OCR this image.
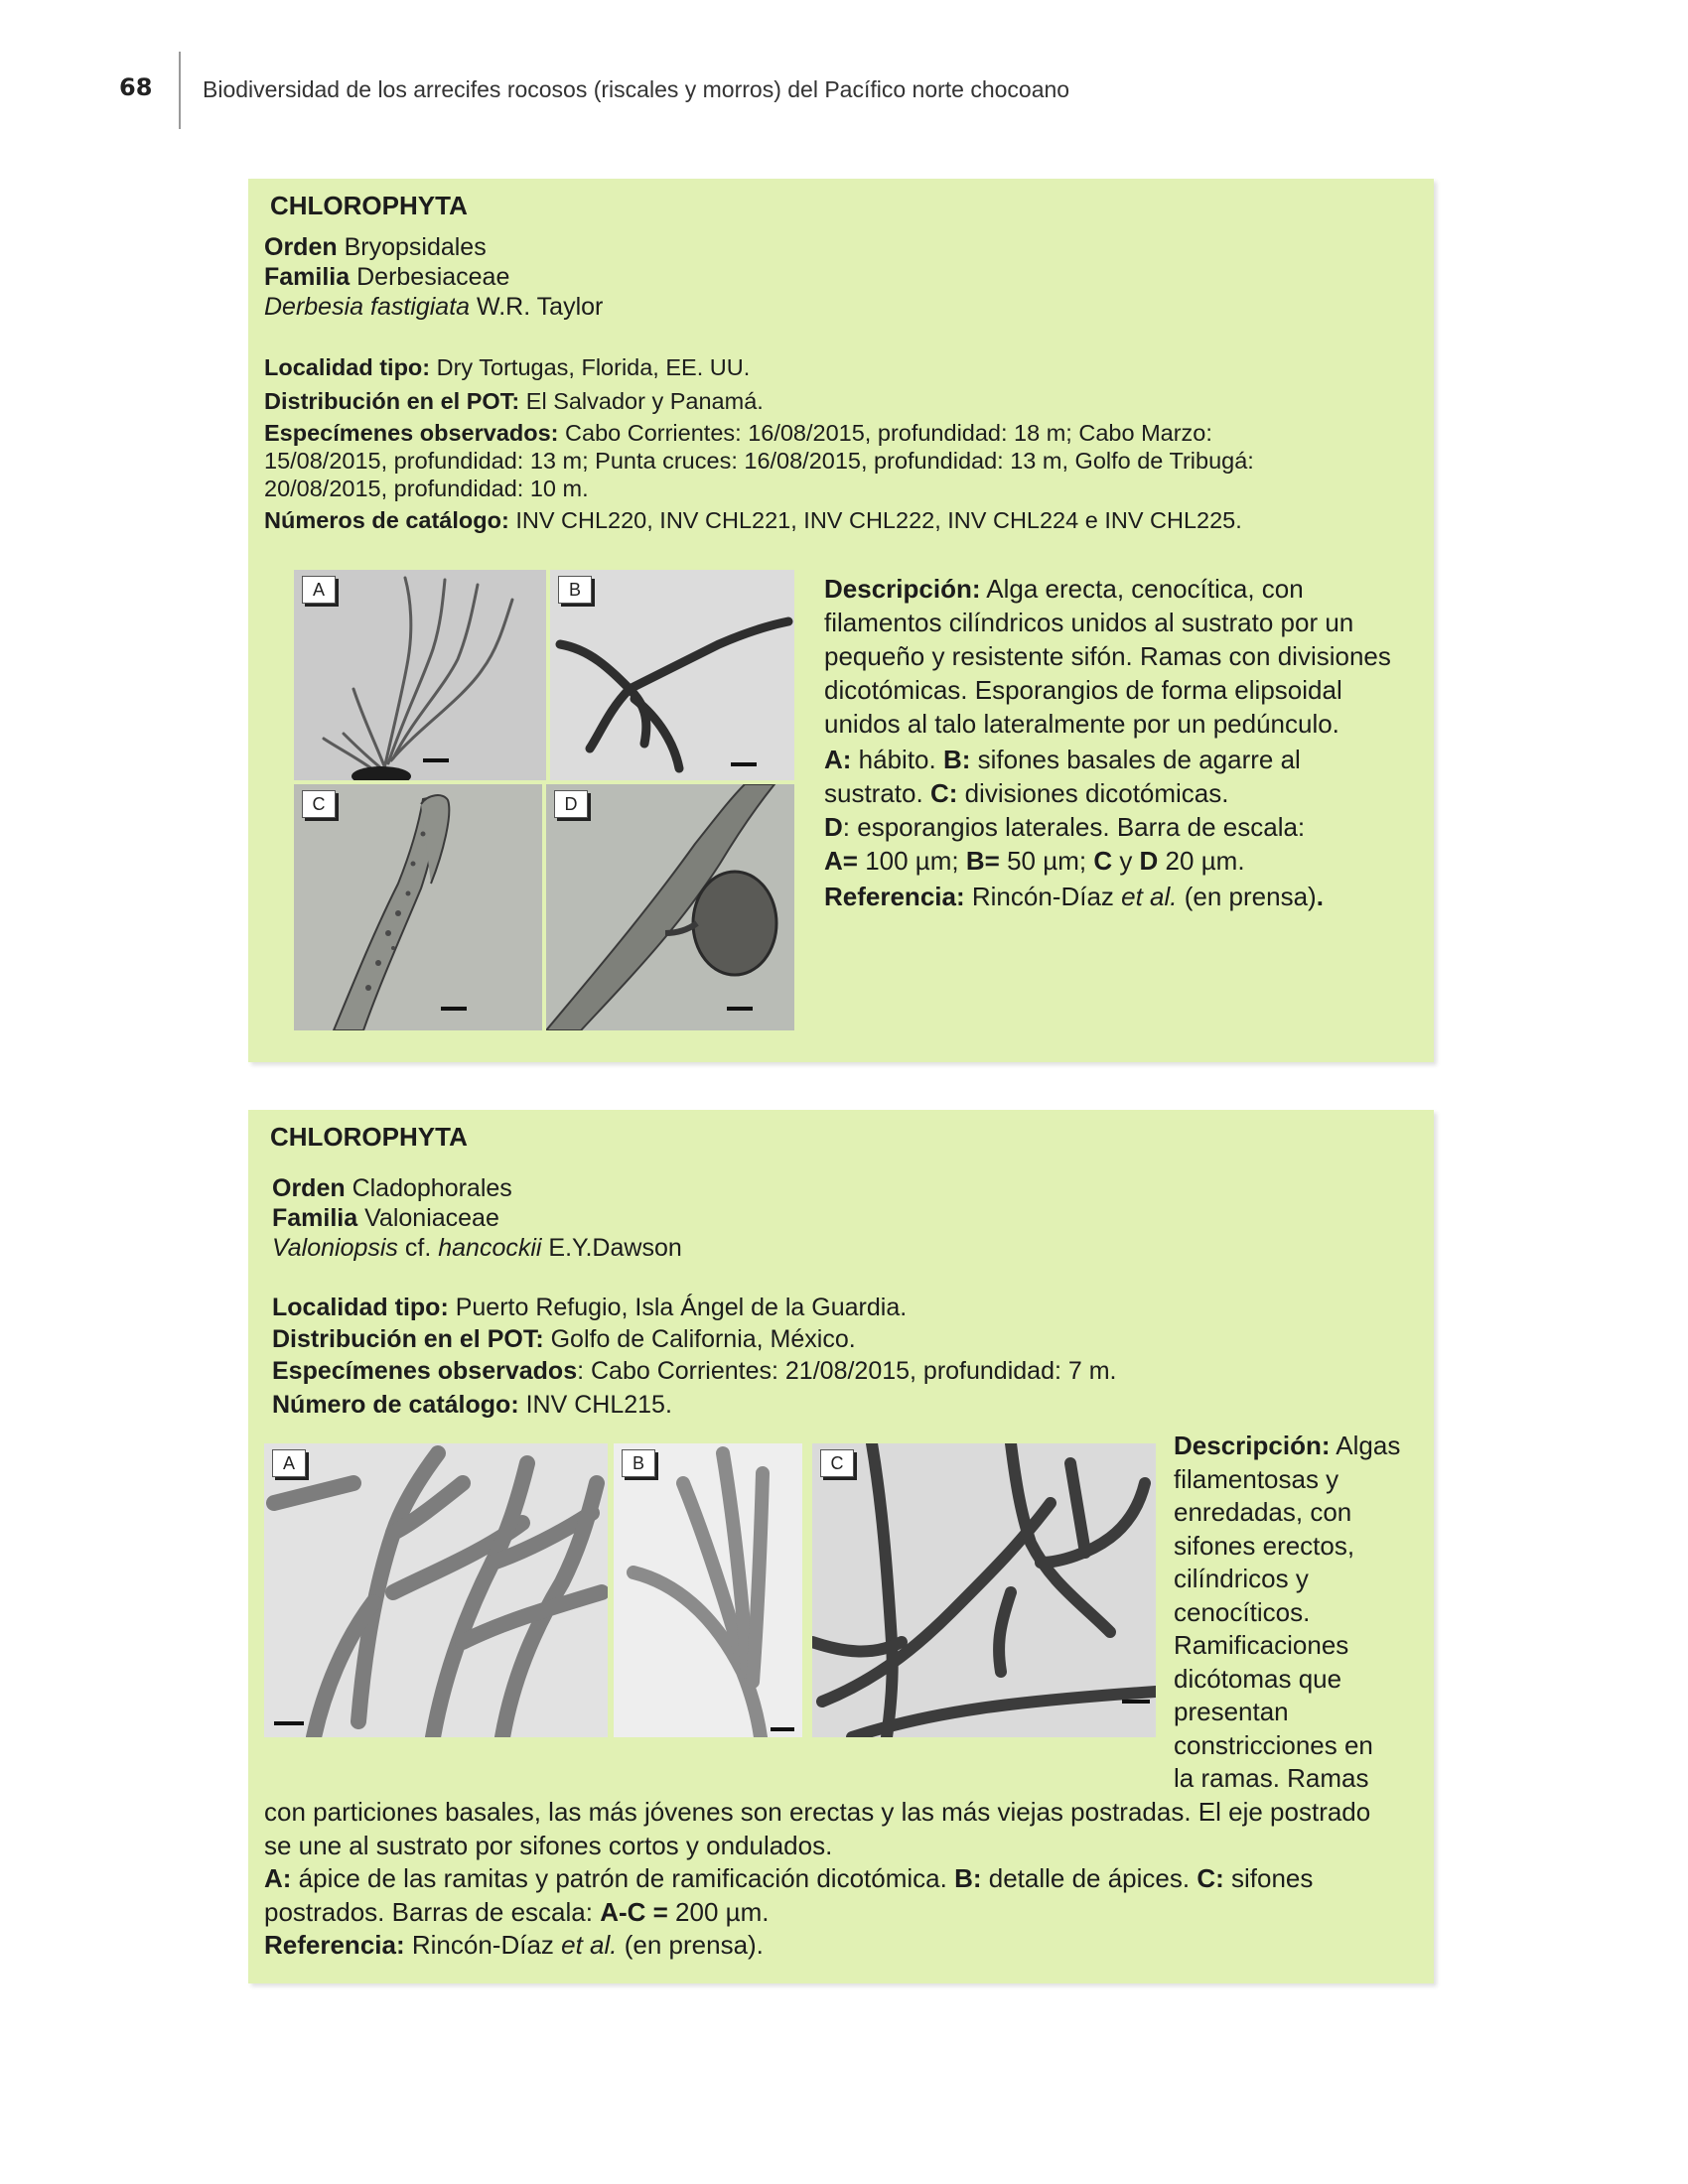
68 Biodiversidad de los arrecifes rocosos (riscales y morros) del Pacífico norte chocoano
CHLOROPHYTA
Orden Bryopsidales
Familia Derbesiaceae
Derbesia fastigiata W.R. Taylor
Localidad tipo: Dry Tortugas, Florida, EE. UU.
Distribución en el POT: El Salvador y Panamá.
Especímenes observados: Cabo Corrientes: 16/08/2015, profundidad: 18 m; Cabo Marzo:
15/08/2015, profundidad: 13 m; Punta cruces: 16/08/2015, profundidad: 13 m, Golfo de Tribugá:
20/08/2015, profundidad: 10 m.
Números de catálogo: INV CHL220, INV CHL221, INV CHL222, INV CHL224 e INV CHL225.
A	B
C	D

Descripción: Alga erecta, cenocítica, con filamentos cilíndricos unidos al sustrato por un pequeño y resistente sifón. Ramas con divisiones dicotómicas. Esporangios de forma elipsoidal unidos al talo lateralmente por un pedúnculo.

A: hábito. B: sifones basales de agarre al sustrato. C: divisiones dicotómicas.
D: esporangios laterales. Barra de escala:
A= 100 µm; B= 50 µm; C y D 20 µm.

Referencia: Rincón-Díaz et al. (en prensa).

CHLOROPHYTA
Orden Cladophorales
Familia Valoniaceae
Valoniopsis cf. hancockii E.Y.Dawson
Localidad tipo: Puerto Refugio, Isla Ángel de la Guardia.
Distribución en el POT: Golfo de California, México.
Especímenes observados: Cabo Corrientes: 21/08/2015, profundidad: 7 m.
Número de catálogo: INV CHL215.
A	B	C
Descripción: Algas
filamentosas y
enredadas, con
sifones erectos,
cilíndricos y
cenocíticos.
Ramificaciones
dicótomas que
presentan
constricciones en
la ramas. Ramas
con particiones basales, las más jóvenes son erectas y las más viejas postradas. El eje postrado
se une al sustrato por sifones cortos y ondulados.
A: ápice de las ramitas y patrón de ramificación dicotómica. B: detalle de ápices. C: sifones
postrados. Barras de escala: A-C = 200 µm.
Referencia: Rincón-Díaz et al. (en prensa).
